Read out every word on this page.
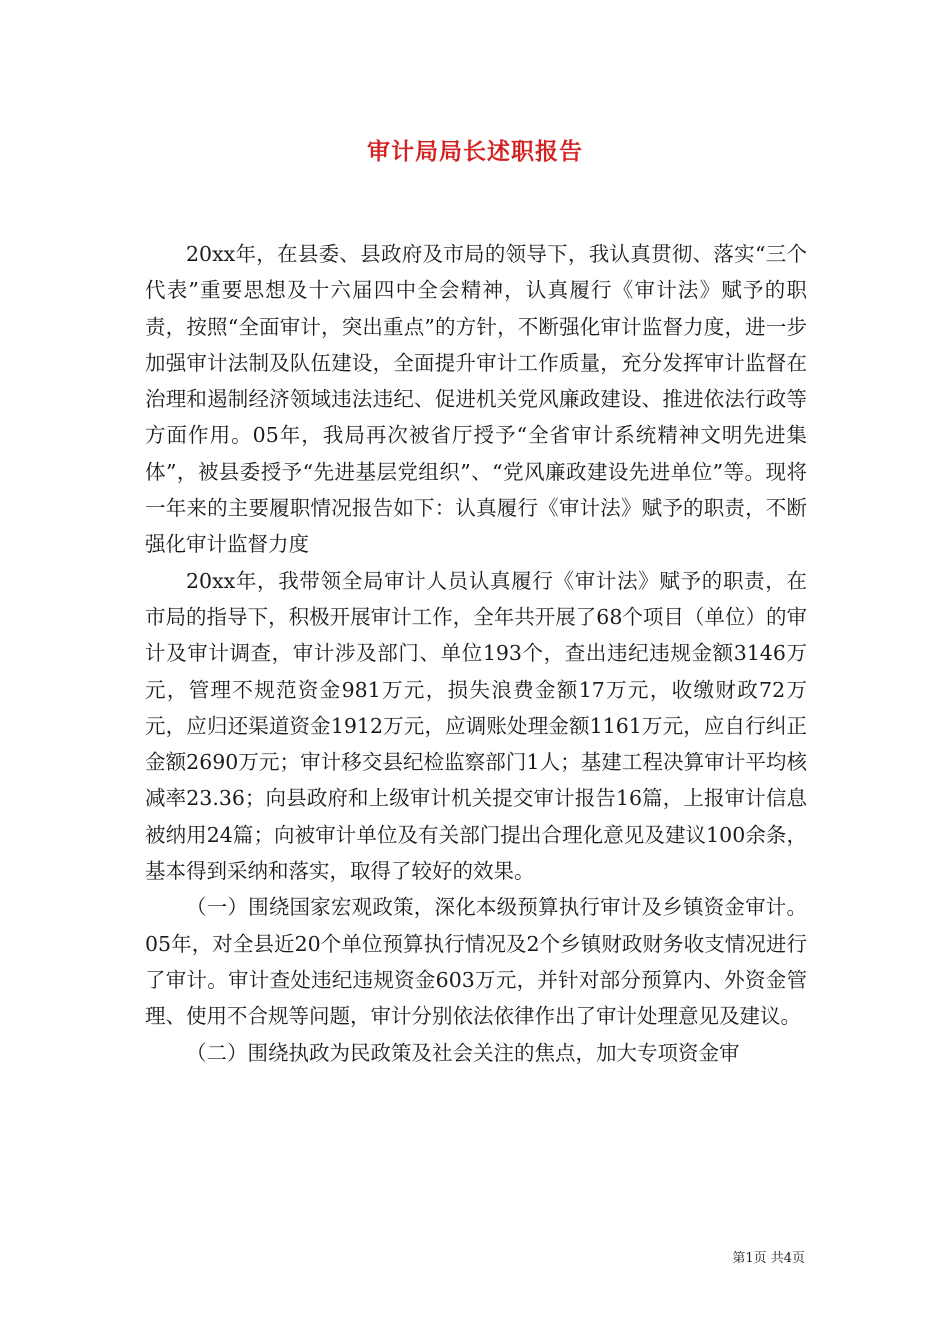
审计局局长述职报告

20xx年，在县委、县政府及市局的领导下，我认真贯彻、落实“三个代表”重要思想及十六届四中全会精神，认真履行《审计法》赋予的职责，按照“全面审计，突出重点”的方针，不断强化审计监督力度，进一步加强审计法制及队伍建设，全面提升审计工作质量，充分发挥审计监督在治理和遏制经济领域违法违纪、促进机关党风廉政建设、推进依法行政等方面作用。05年，我局再次被省厅授予“全省审计系统精神文明先进集体”，被县委授予“先进基层党组织”、“党风廉政建设先进单位”等。现将一年来的主要履职情况报告如下：认真履行《审计法》赋予的职责，不断强化审计监督力度

20xx年，我带领全局审计人员认真履行《审计法》赋予的职责，在市局的指导下，积极开展审计工作，全年共开展了68个项目（单位）的审计及审计调查，审计涉及部门、单位193个，查出违纪违规金额3146万元，管理不规范资金981万元，损失浪费金额17万元，收缴财政72万元，应归还渠道资金1912万元，应调账处理金额1161万元，应自行纠正金额2690万元；审计移交县纪检监察部门1人；基建工程决算审计平均核减率23.36；向县政府和上级审计机关提交审计报告16篇，上报审计信息被纳用24篇；向被审计单位及有关部门提出合理化意见及建议100余条，基本得到采纳和落实，取得了较好的效果。

（一）围绕国家宏观政策，深化本级预算执行审计及乡镇资金审计。05年，对全县近20个单位预算执行情况及2个乡镇财政财务收支情况进行了审计。审计查处违纪违规资金603万元，并针对部分预算内、外资金管理、使用不合规等问题，审计分别依法依律作出了审计处理意见及建议。

（二）围绕执政为民政策及社会关注的焦点，加大专项资金审

第1页 共4页
